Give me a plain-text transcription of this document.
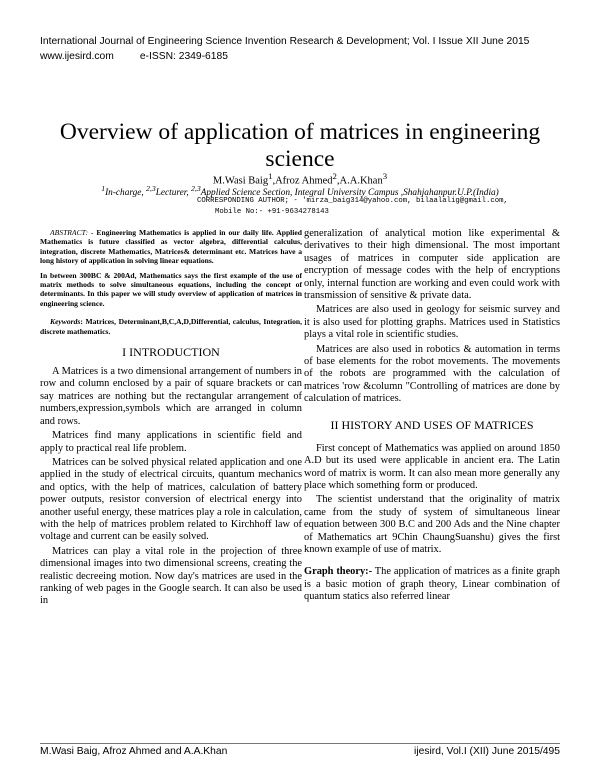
International Journal of Engineering Science Invention Research & Development; Vol. I Issue XII June 2015
www.ijesird.com	e-ISSN: 2349-6185
Overview of application of matrices in engineering science
M.Wasi Baig$^1$,Afroz Ahmed$^2$,A.A.Khan$^3$
$^1$In-charge, $^{2,3}$Lecturer, $^{2,3}$Applied Science Section, Integral University Campus ,Shahjahanpur.U.P.(India)
CORRESPONDING AUTHOR; - 'mirza_baig314@yahoo.com, bilaalalig@gmail.com,
Mobile No:- +91-9634278143

ABSTRACT: - Engineering Mathematics is applied in our daily life. Applied Mathematics is future classified as vector algebra, differential calculus, integration, discrete Mathematics, Matrices& determinant etc. Matrices have a long history of application in solving linear equations.

In between 300BC & 200Ad, Mathematics says the first example of the use of matrix methods to solve simultaneous equations, including the concept of determinants. In this paper we will study overview of application of matrices in engineering science.

Keywords: Matrices, Determinant,B,C,A,D,Differential, calculus, Integration, discrete mathematics.

I INTRODUCTION

A Matrices is a two dimensional arrangement of numbers in row and column enclosed by a pair of square brackets or can say matrices are nothing but the rectangular arrangement of numbers,expression,symbols which are arranged in column and rows.

Matrices find many applications in scientific field and apply to practical real life problem.

Matrices can be solved physical related application and one applied in the study of electrical circuits, quantum mechanics and optics, with the help of matrices, calculation of battery power outputs, resistor conversion of electrical energy into another useful energy, these matrices play a role in calculation, with the help of matrices problem related to Kirchhoff law of voltage and current can be easily solved.

Matrices can play a vital role in the projection of three dimensional images into two dimensional screens, creating the realistic decreeing motion. Now day's matrices are used in the ranking of web pages in the Google search. It can also be used in

generalization of analytical motion like experimental & derivatives to their high dimensional. The most important usages of matrices in computer side application are encryption of message codes with the help of encryptions only, internal function are working and even could work with transmission of sensitive & private data.

Matrices are also used in geology for seismic survey and it is also used for plotting graphs. Matrices used in Statistics plays a vital role in scientific studies.

Matrices are also used in robotics & automation in terms of base elements for the robot movements. The movements of the robots are programmed with the calculation of matrices 'row &column "Controlling of matrices are done by calculation of matrices.

II HISTORY AND USES OF MATRICES

First concept of Mathematics was applied on around 1850 A.D but its used were applicable in ancient era. The Latin word of matrix is worm. It can also mean more generally any place which something form or produced.

The scientist understand that the originality of matrix came from the study of system of simultaneous linear equation between 300 B.C and 200 Ads and the Nine chapter of Mathematics art 9Chin ChaungSuanshu) gives the first known example of use of matrix.

Graph theory:- The application of matrices as a finite graph is a basic motion of graph theory, Linear combination of quantum statics also referred linear

M.Wasi Baig, Afroz Ahmed and A.A.Khan	ijesird, Vol.I (XII) June 2015/495
